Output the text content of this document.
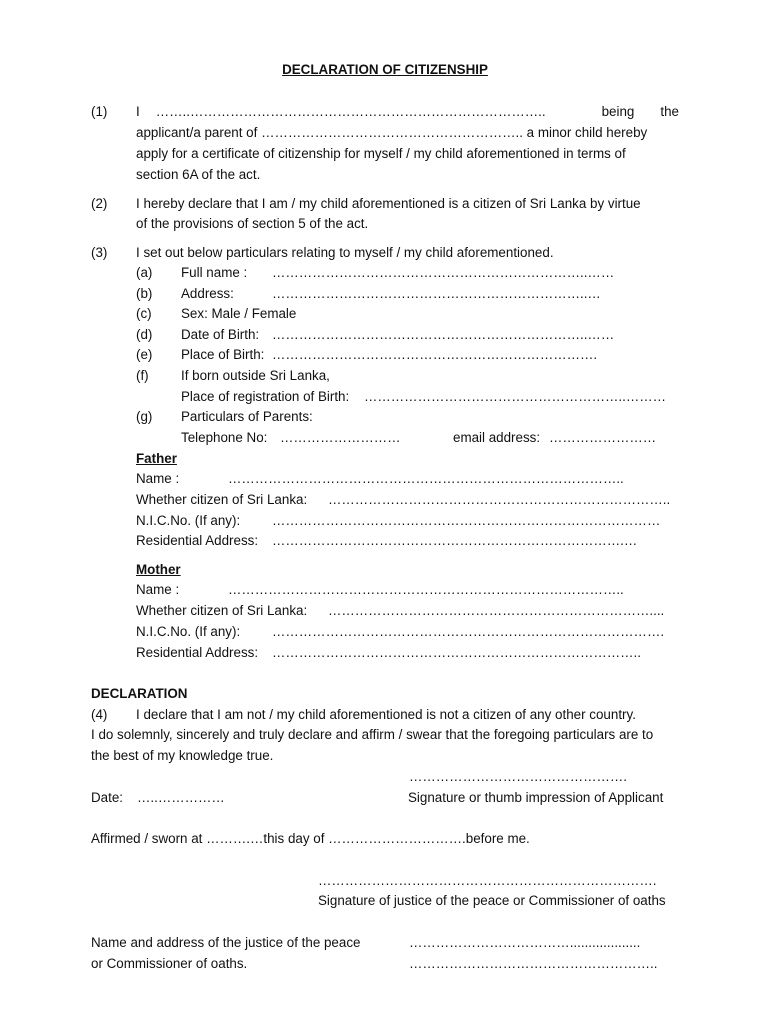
DECLARATION OF CITIZENSHIP
(1) I ……..……………………………………………………………………..	being the
applicant/a parent of ………………………………………………….. a minor child hereby
apply for a certificate of citizenship for myself / my child aforementioned in terms of
section 6A of the act.
(2) I hereby declare that I am / my child aforementioned is a citizen of Sri Lanka by virtue
of the provisions of section 5 of the act.
(3) I set out below particulars relating to myself / my child aforementioned.
(a) Full name : ……………………………………………………………..……
(b) Address:	……………………………………………………………..…
(c) Sex: Male / Female
(d) Date of Birth: ……………………………………………………………..……
(e) Place of Birth: ……………………………………………………………….
(f) If born outside Sri Lanka,
Place of registration of Birth: …………………………………………………..………
(g) Particulars of Parents:
Telephone No: ………………………	email address: ……………………
Father
Name :	……………………………………………………………………………..
Whether citizen of Sri Lanka: …………………………………………………………………..
N.I.C.No. (If any): ……………………………………………………………………………
Residential Address: …………………………………………………………………….…
Mother
Name :	……………………………………………………………………………..
Whether citizen of Sri Lanka: ………………………………………………………………....
N.I.C.No. (If any): …………………………………………………………………………….
Residential Address: ………………………………………………………………………..
DECLARATION
(4) I declare that I am not / my child aforementioned is not a citizen of any other country.
I do solemnly, sincerely and truly declare and affirm / swear that the foregoing particulars are to
the best of my knowledge true.
………………………………………….
Date: …..……………	Signature or thumb impression of Applicant
Affirmed / sworn at ……….…this day of ………………………….before me.
………………………………………………………………….
Signature of justice of the peace or Commissioner of oaths
Name and address of the justice of the peace	………………………………...................
or Commissioner of oaths.	………………………………………………..
